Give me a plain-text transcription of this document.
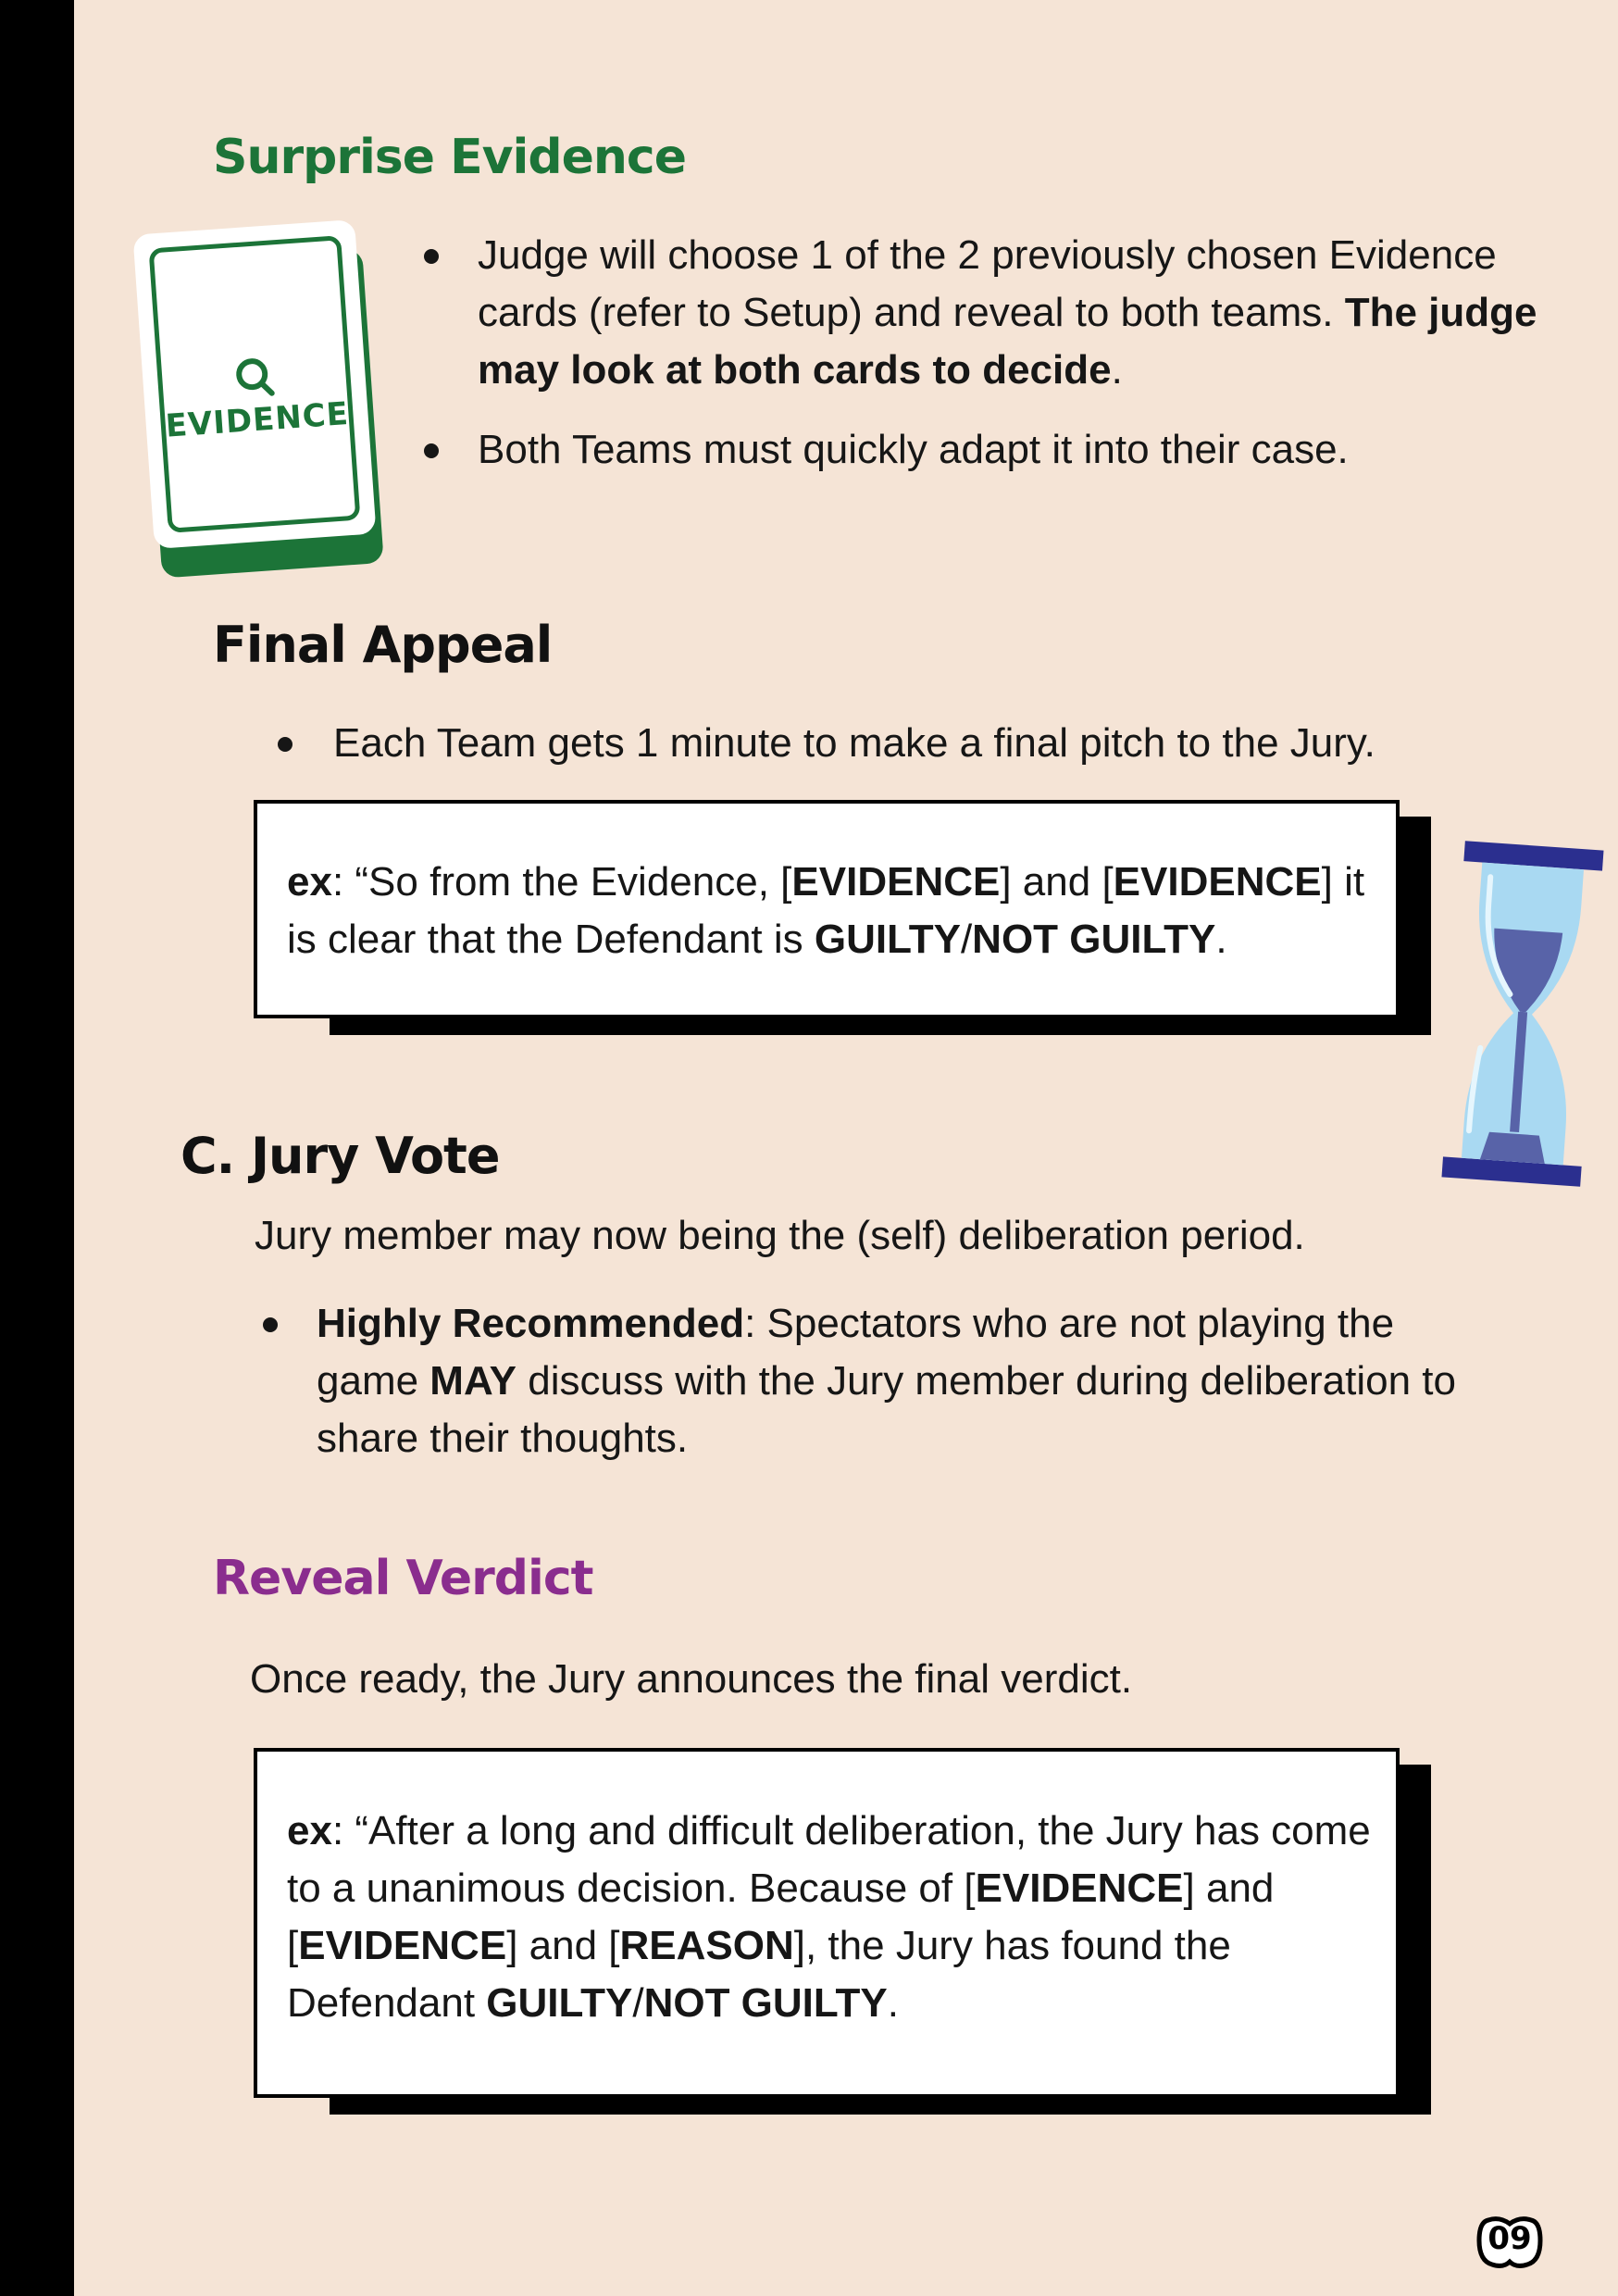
Surprise Evidence
EVIDENCE
Judge will choose 1 of the 2 previously chosen Evidence cards (refer to Setup) and reveal to both teams. The judge may look at both cards to decide.
Both Teams must quickly adapt it into their case.
Final Appeal
Each Team gets 1 minute to make a final pitch to the Jury.

ex: “So from the Evidence, [EVIDENCE] and [EVIDENCE] it is clear that the Defendant is GUILTY/NOT GUILTY.

C. Jury Vote

Jury member may now being the (self) deliberation period.

Highly Recommended: Spectators who are not playing the game MAY discuss with the Jury member during deliberation to share their thoughts.
Reveal Verdict

Once ready, the Jury announces the final verdict.

ex: “After a long and difficult deliberation, the Jury has come to a unanimous decision. Because of [EVIDENCE] and [EVIDENCE] and [REASON], the Jury has found the Defendant GUILTY/NOT GUILTY.

09
